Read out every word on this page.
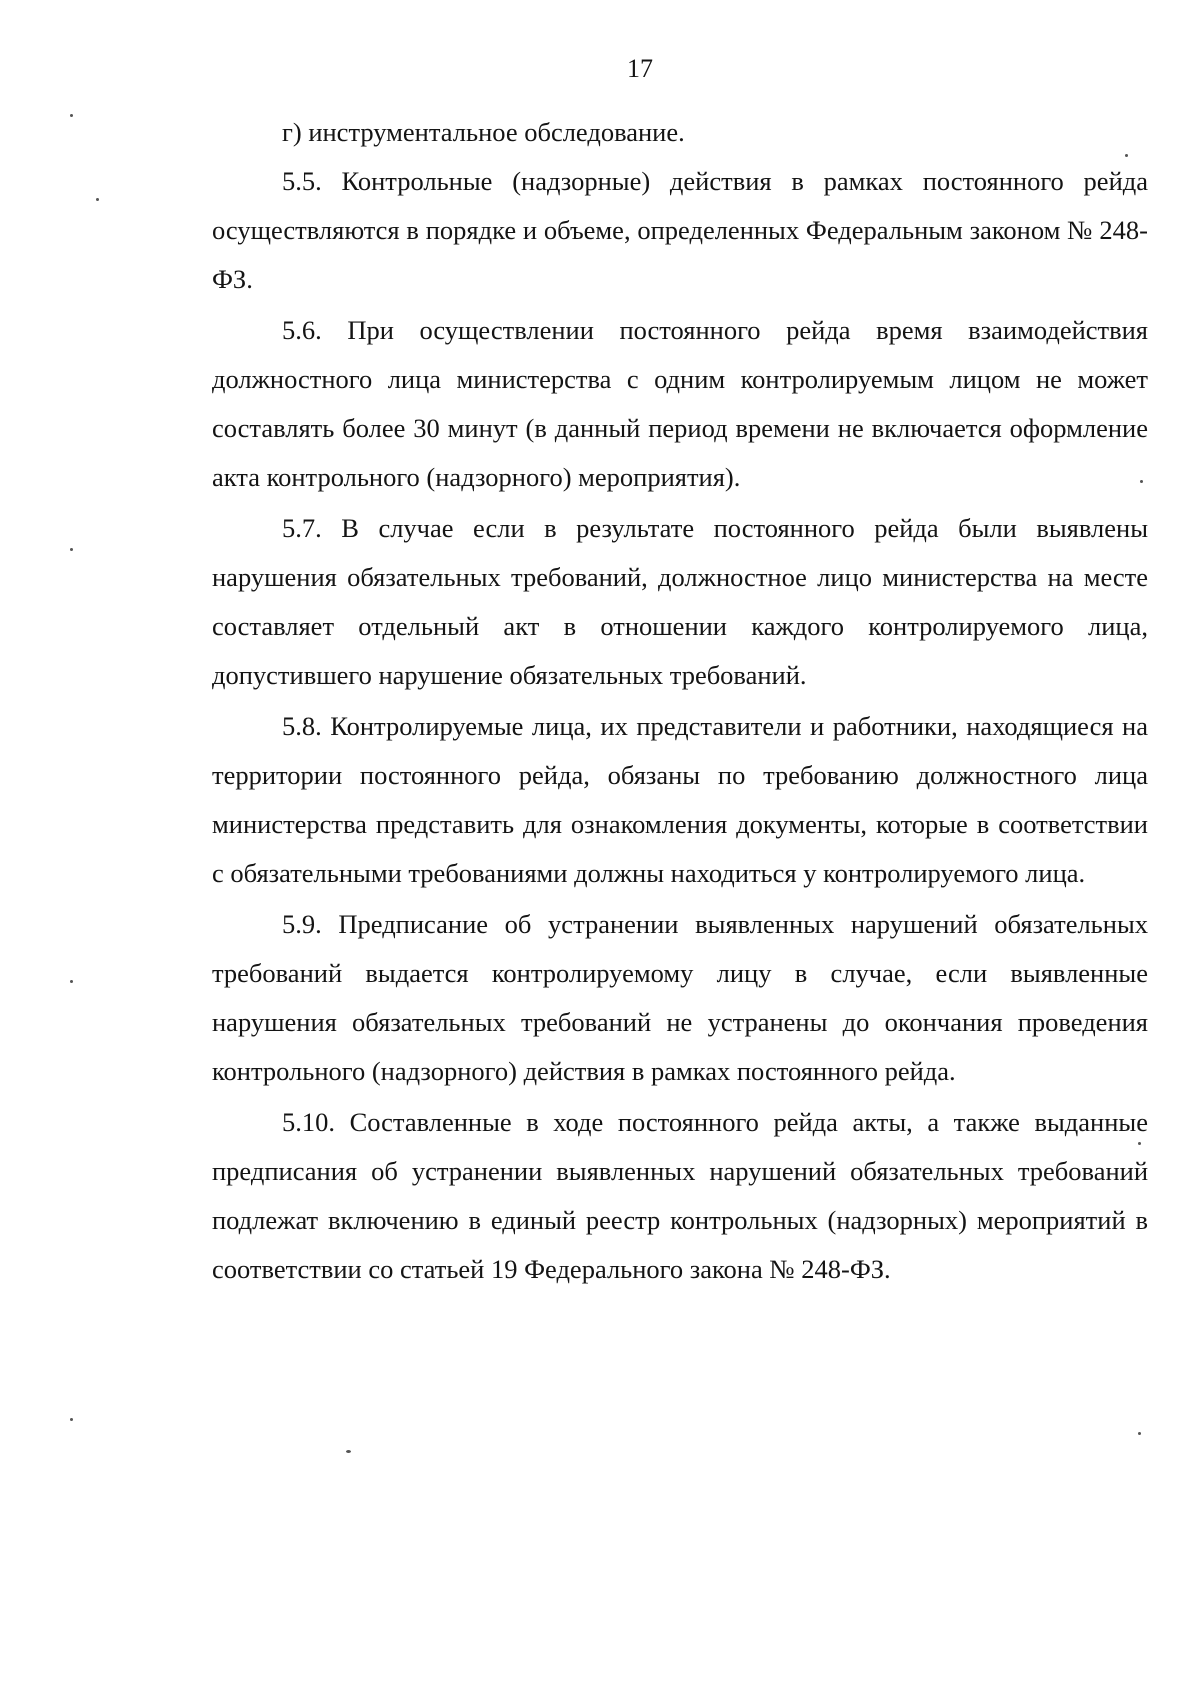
17

г) инструментальное обследование.

5.5. Контрольные (надзорные) действия в рамках постоянного рейда осуществляются в порядке и объеме, определенных Федеральным законом № 248-ФЗ.

5.6. При осуществлении постоянного рейда время взаимодействия должностного лица министерства с одним контролируемым лицом не может составлять более 30 минут (в данный период времени не включается оформление акта контрольного (надзорного) мероприятия).

5.7. В случае если в результате постоянного рейда были выявлены нарушения обязательных требований, должностное лицо министерства на месте составляет отдельный акт в отношении каждого контролируемого лица, допустившего нарушение обязательных требований.

5.8. Контролируемые лица, их представители и работники, находящиеся на территории постоянного рейда, обязаны по требованию должностного лица министерства представить для ознакомления документы, которые в соответствии с обязательными требованиями должны находиться у контролируемого лица.

5.9. Предписание об устранении выявленных нарушений обязательных требований выдается контролируемому лицу в случае, если выявленные нарушения обязательных требований не устранены до окончания проведения контрольного (надзорного) действия в рамках постоянного рейда.

5.10. Составленные в ходе постоянного рейда акты, а также выданные предписания об устранении выявленных нарушений обязательных требований подлежат включению в единый реестр контрольных (надзорных) мероприятий в соответствии со статьей 19 Федерального закона № 248-ФЗ.
